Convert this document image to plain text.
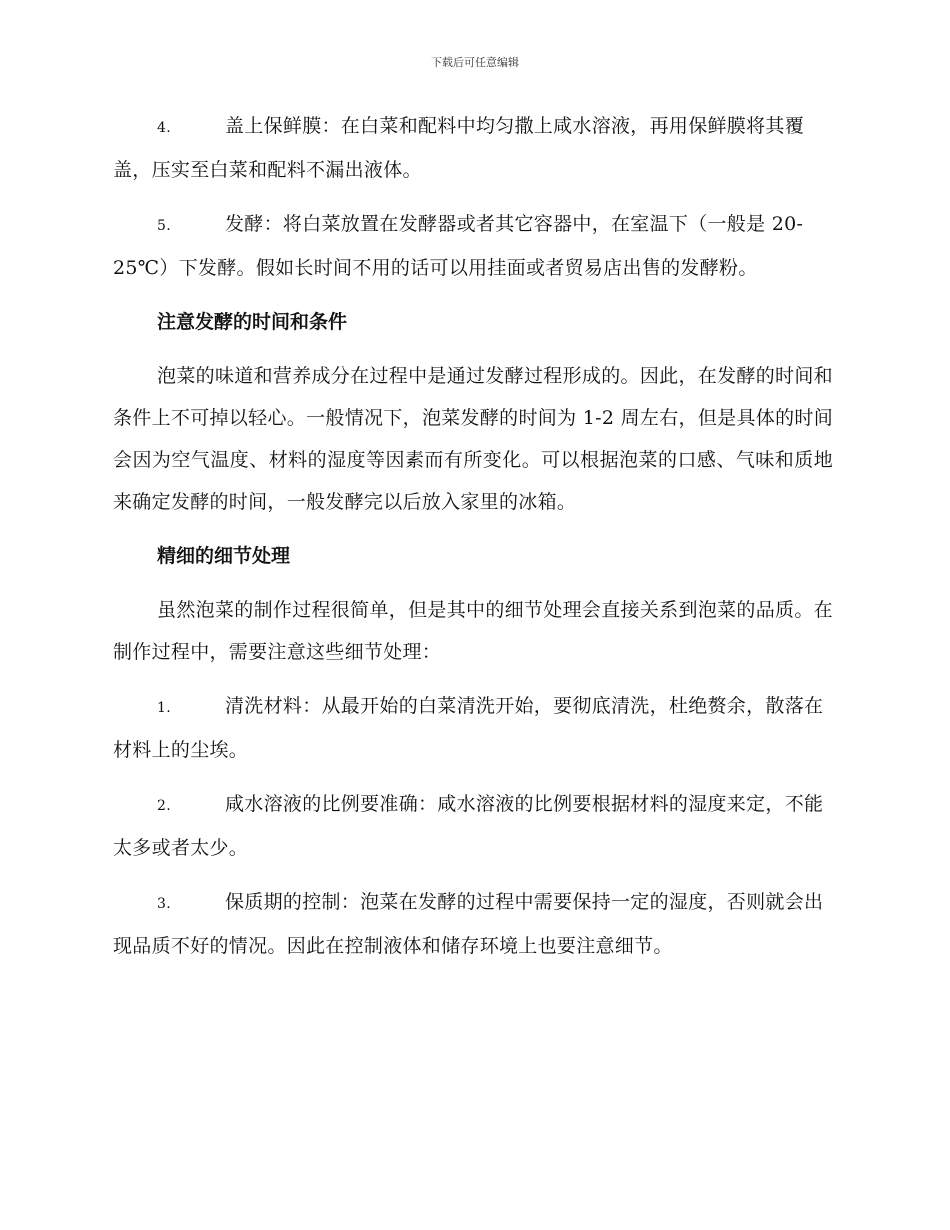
下载后可任意编辑

4.	盖上保鲜膜：在白菜和配料中均匀撒上咸水溶液，再用保鲜膜将其覆盖，压实至白菜和配料不漏出液体。

5.	发酵：将白菜放置在发酵器或者其它容器中，在室温下（一般是 20-25℃）下发酵。假如长时间不用的话可以用挂面或者贸易店出售的发酵粉。

注意发酵的时间和条件

泡菜的味道和营养成分在过程中是通过发酵过程形成的。因此，在发酵的时间和条件上不可掉以轻心。一般情况下，泡菜发酵的时间为 1-2 周左右，但是具体的时间会因为空气温度、材料的湿度等因素而有所变化。可以根据泡菜的口感、气味和质地来确定发酵的时间，一般发酵完以后放入家里的冰箱。

精细的细节处理

虽然泡菜的制作过程很简单，但是其中的细节处理会直接关系到泡菜的品质。在制作过程中，需要注意这些细节处理：

1.	清洗材料：从最开始的白菜清洗开始，要彻底清洗，杜绝赘余，散落在材料上的尘埃。

2.	咸水溶液的比例要准确：咸水溶液的比例要根据材料的湿度来定，不能太多或者太少。

3.	保质期的控制：泡菜在发酵的过程中需要保持一定的湿度，否则就会出现品质不好的情况。因此在控制液体和储存环境上也要注意细节。
